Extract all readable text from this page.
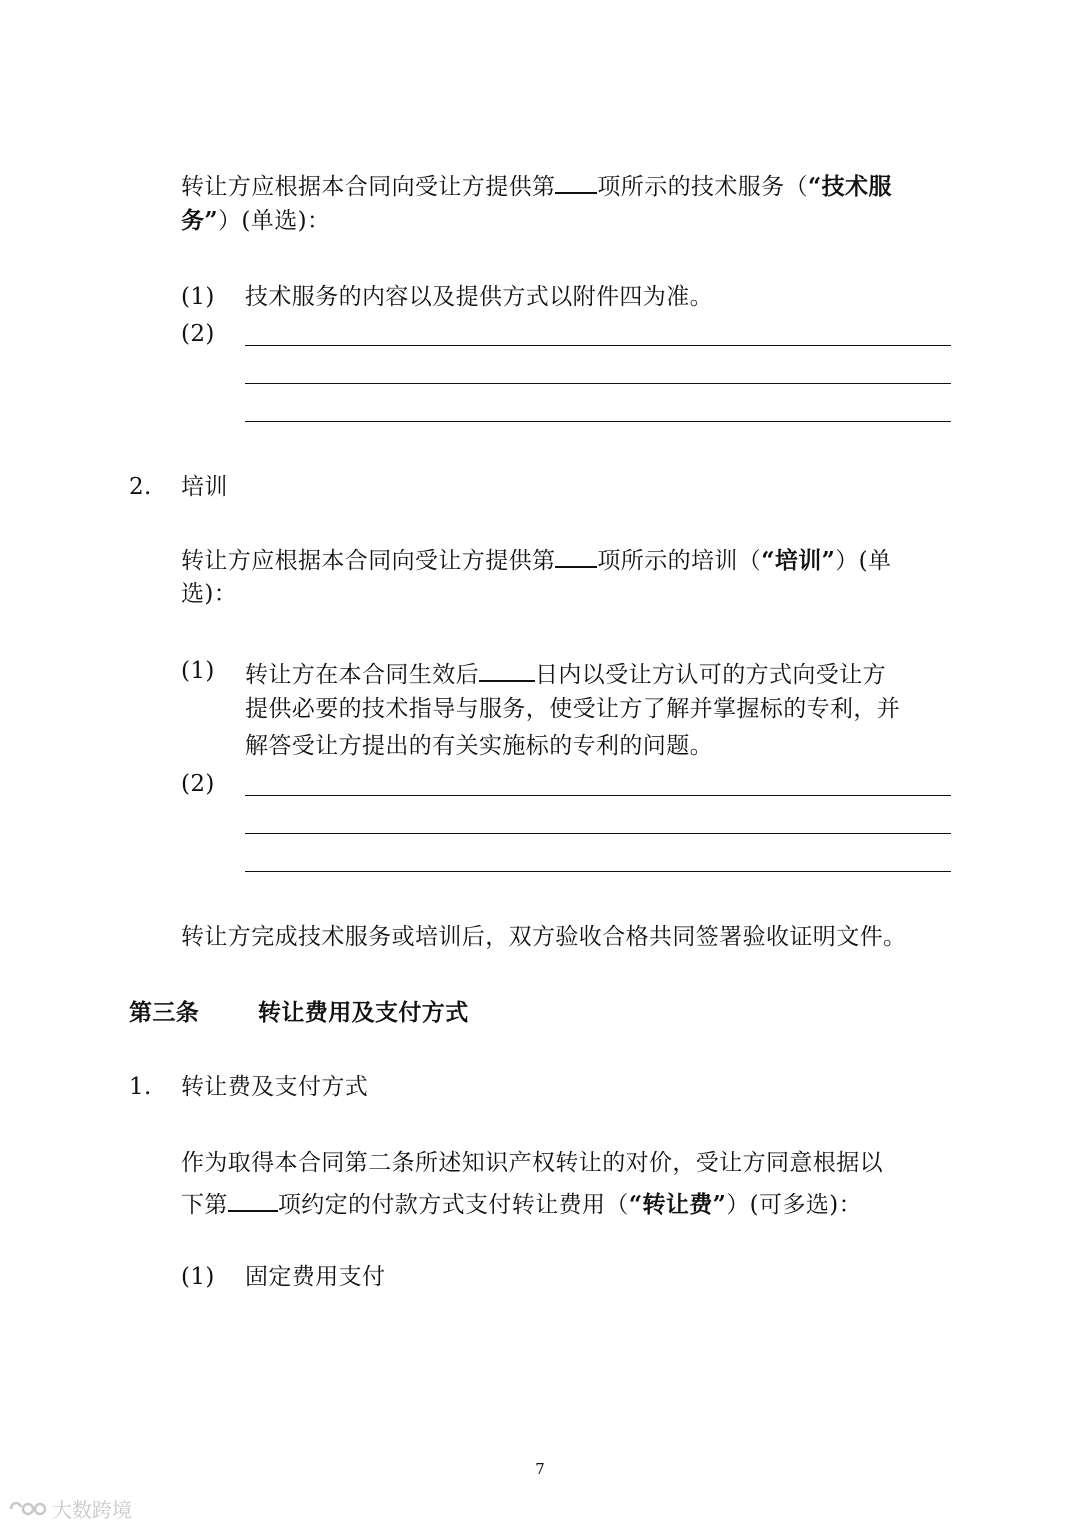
转让方应根据本合同向受让方提供第 项所示的技术服务（“技术服
务”）(单选)：
(1) 技术服务的内容以及提供方式以附件四为准。
(2)
2. 培训
转让方应根据本合同向受让方提供第 项所示的培训（“培训”）(单
选)：
(1) 转让方在本合同生效后 日内以受让方认可的方式向受让方
提供必要的技术指导与服务，使受让方了解并掌握标的专利，并
解答受让方提出的有关实施标的专利的问题。
(2)
转让方完成技术服务或培训后，双方验收合格共同签署验收证明文件。
第三条	转让费用及支付方式
1. 转让费及支付方式
作为取得本合同第二条所述知识产权转让的对价，受让方同意根据以
下第 项约定的付款方式支付转让费用（“转让费”）(可多选)：
(1) 固定费用支付
7
大数跨境
